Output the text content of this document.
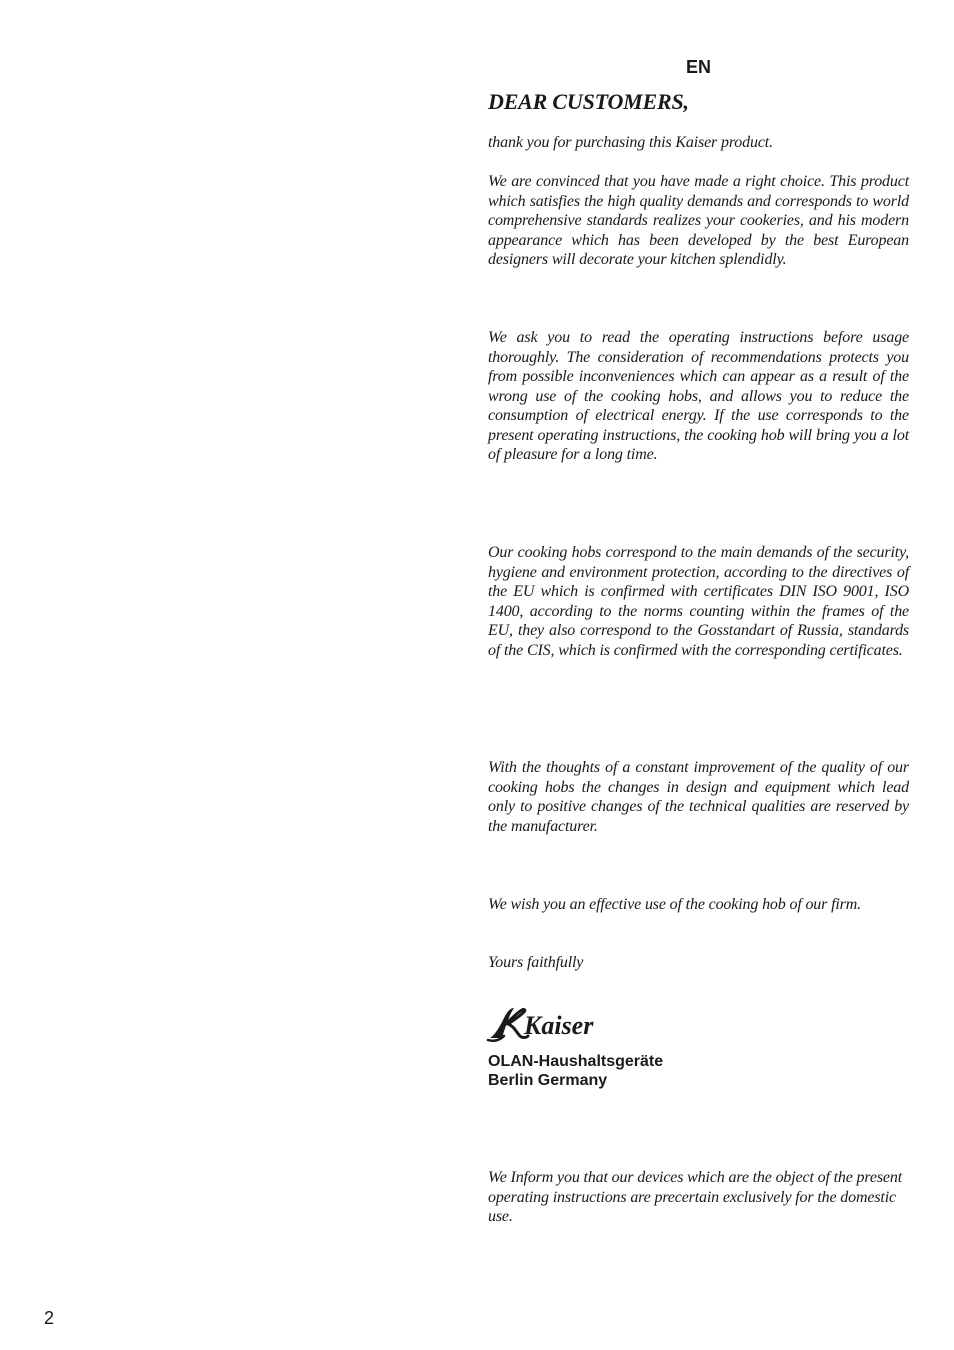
EN
DEAR CUSTOMERS,

thank you for purchasing this Kaiser product.

We are convinced that you have made a right choice. This product which satisfies the high quality demands and corresponds to world comprehensive standards realizes your cookeries, and his modern appearance which has been developed by the best European designers will decorate your kitchen splendidly.

We ask you to read the operating instructions before usage thoroughly. The consideration of recommendations protects you from possible inconveniences which can appear as a result of the wrong use of the cooking hobs, and allows you to reduce the consumption of electrical energy. If the use corresponds to the present operating instructions, the cooking hob will bring you a lot of pleasure for a long time.

Our cooking hobs correspond to the main demands of the security, hygiene and environment protection, according to the directives of the EU which is confirmed with certificates DIN ISO 9001, ISO 1400, according to the norms counting within the frames of the EU, they also correspond to the Gosstandart of Russia, standards of the CIS, which is confirmed with the corresponding certificates.

With the thoughts of a constant improvement of the quality of our cooking hobs the changes in design and equipment which lead only to positive changes of the technical qualities are reserved by the manufacturer.

We wish you an effective use of the cooking hob of our firm.

Yours faithfully

Kaiser
OLAN-Haushaltsgeräte
Berlin Germany

We Inform you that our devices which are the object of the present operating instructions are precertain exclusively for the domestic use.

2
